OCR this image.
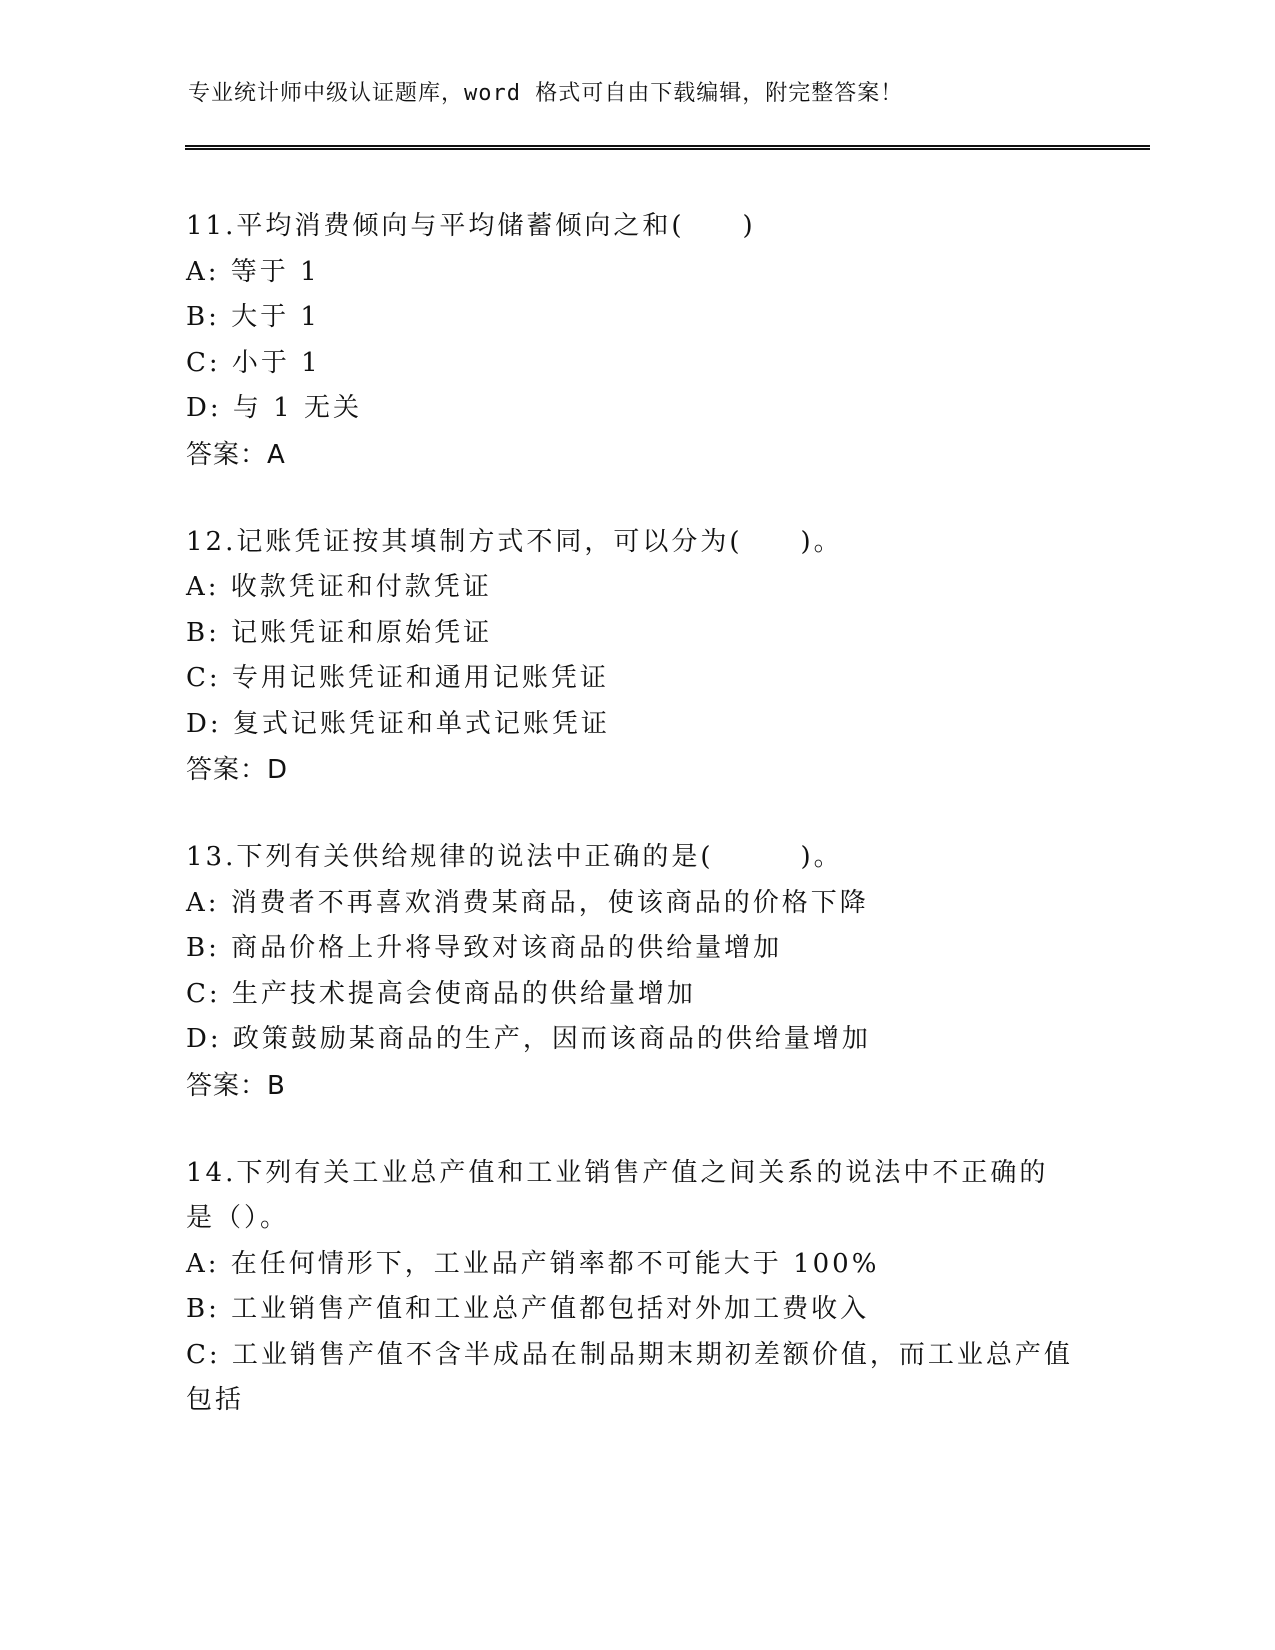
专业统计师中级认证题库，word 格式可自由下载编辑，附完整答案！
11.平均消费倾向与平均储蓄倾向之和(　　)
A: 等于 1
B: 大于 1
C: 小于 1
D: 与 1 无关
答案：A
12.记账凭证按其填制方式不同，可以分为(　　)。
A: 收款凭证和付款凭证
B: 记账凭证和原始凭证
C: 专用记账凭证和通用记账凭证
D: 复式记账凭证和单式记账凭证
答案：D
13.下列有关供给规律的说法中正确的是(　　　)。
A: 消费者不再喜欢消费某商品，使该商品的价格下降
B: 商品价格上升将导致对该商品的供给量增加
C: 生产技术提高会使商品的供给量增加
D: 政策鼓励某商品的生产，因而该商品的供给量增加
答案：B
14.下列有关工业总产值和工业销售产值之间关系的说法中不正确的是（）。
A: 在任何情形下，工业品产销率都不可能大于 100%
B: 工业销售产值和工业总产值都包括对外加工费收入
C: 工业销售产值不含半成品在制品期末期初差额价值，而工业总产值包括
